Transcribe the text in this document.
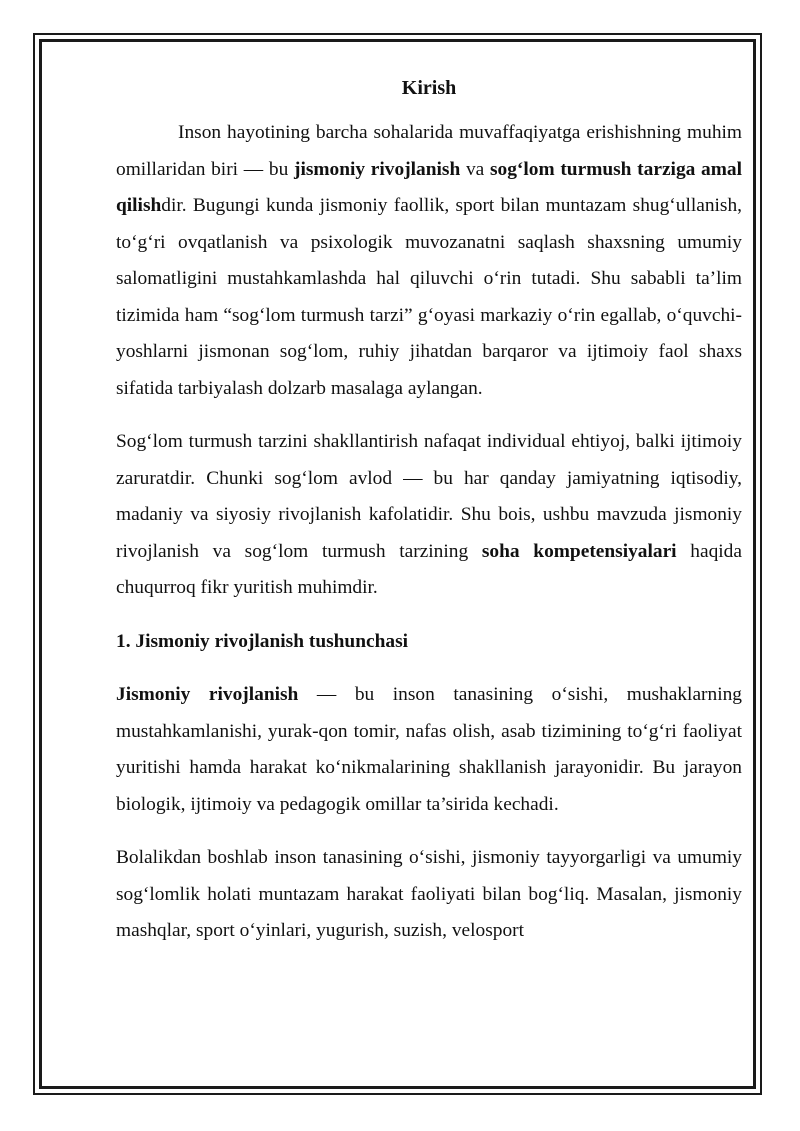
Kirish

Inson hayotining barcha sohalarida muvaffaqiyatga erishishning muhim omillaridan biri — bu jismoniy rivojlanish va sog‘lom turmush tarziga amal qilishdir. Bugungi kunda jismoniy faollik, sport bilan muntazam shug‘ullanish, to‘g‘ri ovqatlanish va psixologik muvozanatni saqlash shaxsning umumiy salomatligini mustahkamlashda hal qiluvchi o‘rin tutadi. Shu sababli ta’lim tizimida ham “sog‘lom turmush tarzi” g‘oyasi markaziy o‘rin egallab, o‘quvchi-yoshlarni jismonan sog‘lom, ruhiy jihatdan barqaror va ijtimoiy faol shaxs sifatida tarbiyalash dolzarb masalaga aylangan.

Sog‘lom turmush tarzini shakllantirish nafaqat individual ehtiyoj, balki ijtimoiy zaruratdir. Chunki sog‘lom avlod — bu har qanday jamiyatning iqtisodiy, madaniy va siyosiy rivojlanish kafolatidir. Shu bois, ushbu mavzuda jismoniy rivojlanish va sog‘lom turmush tarzining soha kompetensiyalari haqida chuqurroq fikr yuritish muhimdir.

1. Jismoniy rivojlanish tushunchasi

Jismoniy rivojlanish — bu inson tanasining o‘sishi, mushaklarning mustahkamlanishi, yurak-qon tomir, nafas olish, asab tizimining to‘g‘ri faoliyat yuritishi hamda harakat ko‘nikmalarining shakllanish jarayonidir. Bu jarayon biologik, ijtimoiy va pedagogik omillar ta’sirida kechadi.

Bolalikdan boshlab inson tanasining o‘sishi, jismoniy tayyorgarligi va umumiy sog‘lomlik holati muntazam harakat faoliyati bilan bog‘liq. Masalan, jismoniy mashqlar, sport o‘yinlari, yugurish, suzish, velosport
